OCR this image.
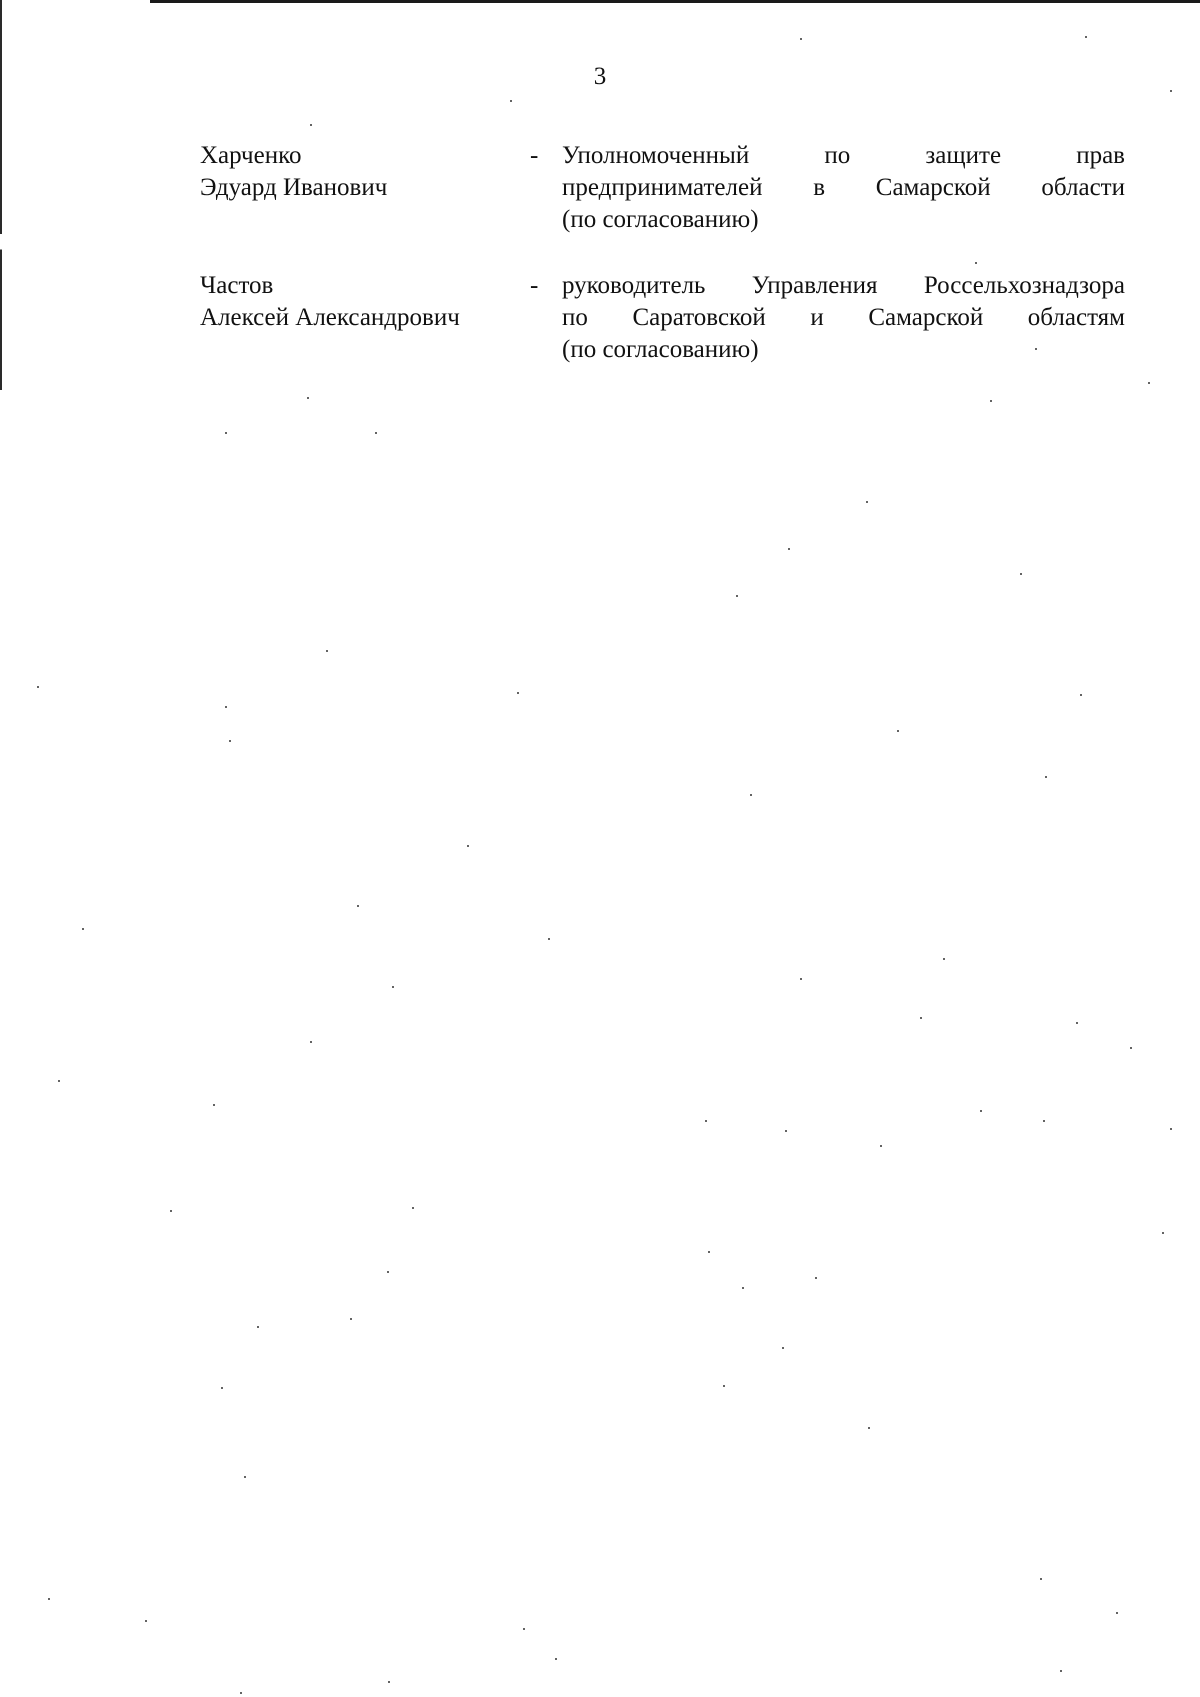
3
Харченко
Эдуард Иванович
- Уполномоченный по защите прав
предпринимателей в Самарской области
(по согласованию)
Частов
Алексей Александрович
- руководитель Управления Россельхознадзора
по Саратовской и Самарской областям
(по согласованию)
